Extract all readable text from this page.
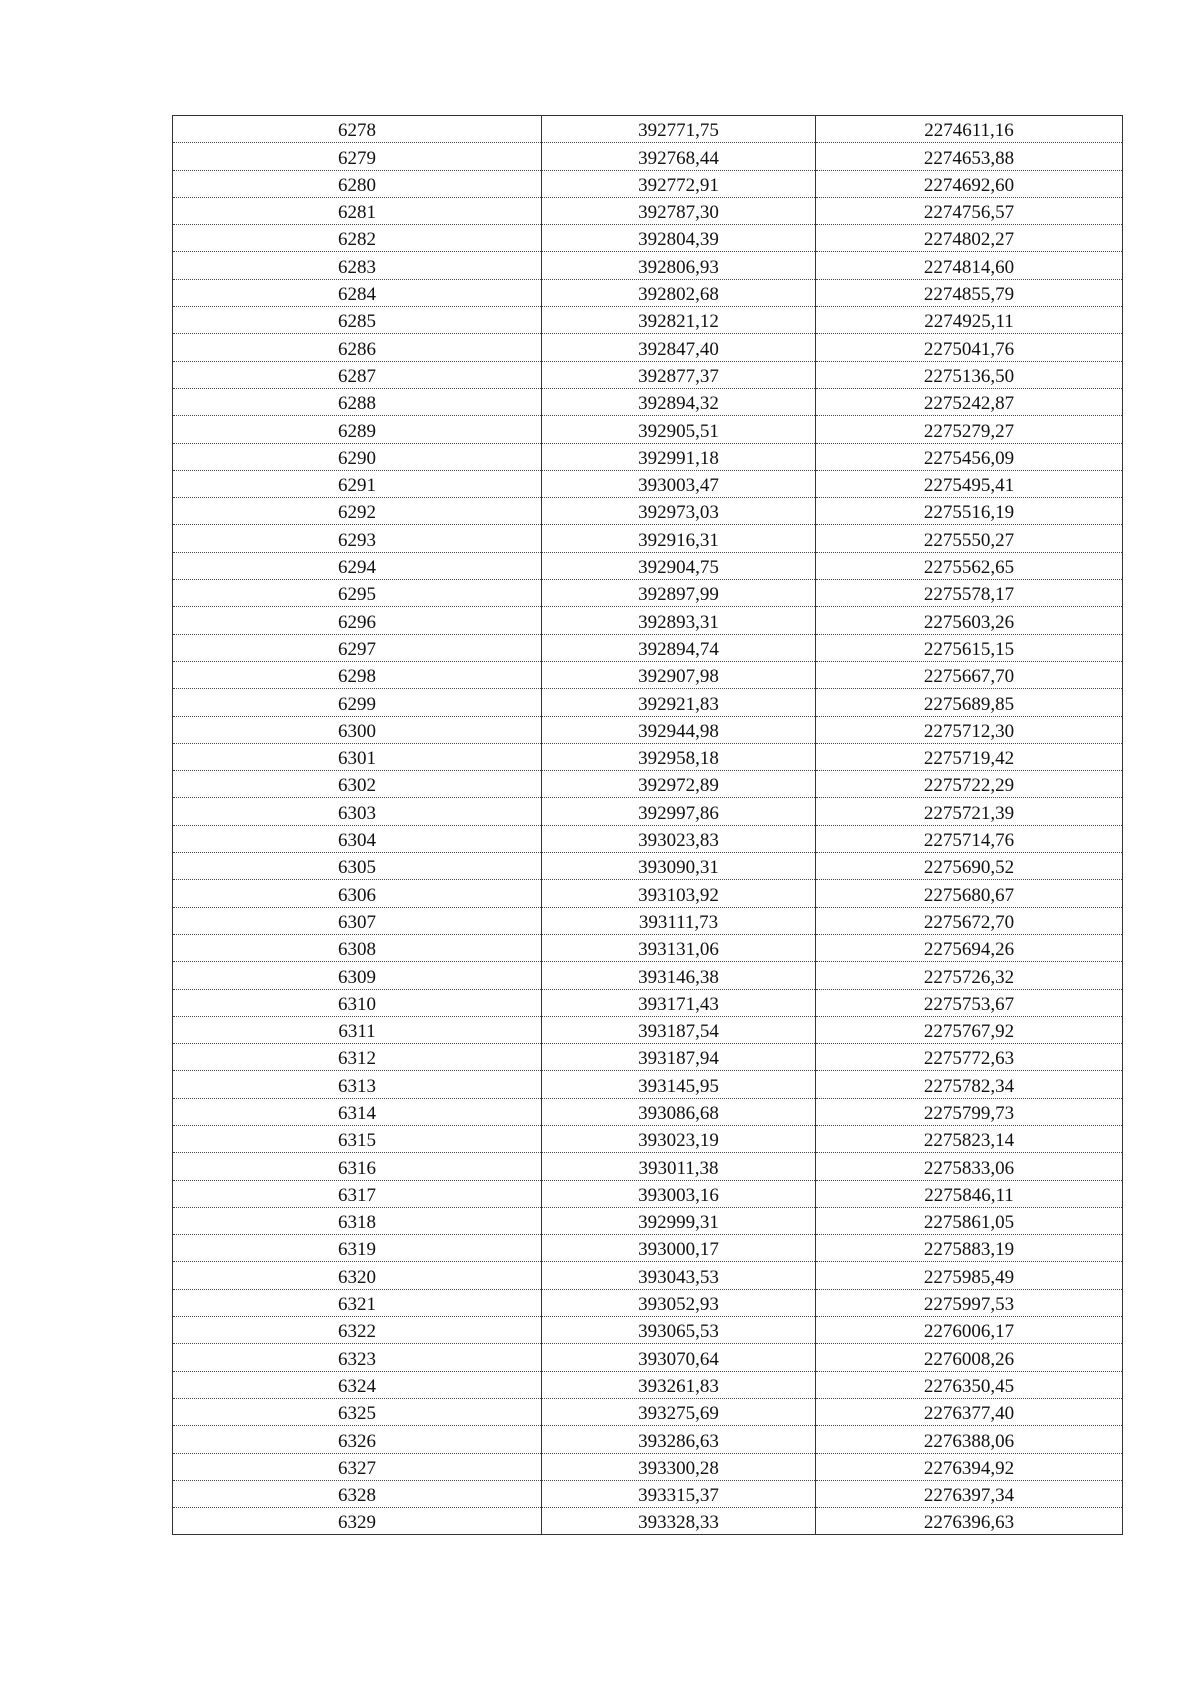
6278	392771,75	2274611,16
6279	392768,44	2274653,88
6280	392772,91	2274692,60
6281	392787,30	2274756,57
6282	392804,39	2274802,27
6283	392806,93	2274814,60
6284	392802,68	2274855,79
6285	392821,12	2274925,11
6286	392847,40	2275041,76
6287	392877,37	2275136,50
6288	392894,32	2275242,87
6289	392905,51	2275279,27
6290	392991,18	2275456,09
6291	393003,47	2275495,41
6292	392973,03	2275516,19
6293	392916,31	2275550,27
6294	392904,75	2275562,65
6295	392897,99	2275578,17
6296	392893,31	2275603,26
6297	392894,74	2275615,15
6298	392907,98	2275667,70
6299	392921,83	2275689,85
6300	392944,98	2275712,30
6301	392958,18	2275719,42
6302	392972,89	2275722,29
6303	392997,86	2275721,39
6304	393023,83	2275714,76
6305	393090,31	2275690,52
6306	393103,92	2275680,67
6307	393111,73	2275672,70
6308	393131,06	2275694,26
6309	393146,38	2275726,32
6310	393171,43	2275753,67
6311	393187,54	2275767,92
6312	393187,94	2275772,63
6313	393145,95	2275782,34
6314	393086,68	2275799,73
6315	393023,19	2275823,14
6316	393011,38	2275833,06
6317	393003,16	2275846,11
6318	392999,31	2275861,05
6319	393000,17	2275883,19
6320	393043,53	2275985,49
6321	393052,93	2275997,53
6322	393065,53	2276006,17
6323	393070,64	2276008,26
6324	393261,83	2276350,45
6325	393275,69	2276377,40
6326	393286,63	2276388,06
6327	393300,28	2276394,92
6328	393315,37	2276397,34
6329	393328,33	2276396,63
